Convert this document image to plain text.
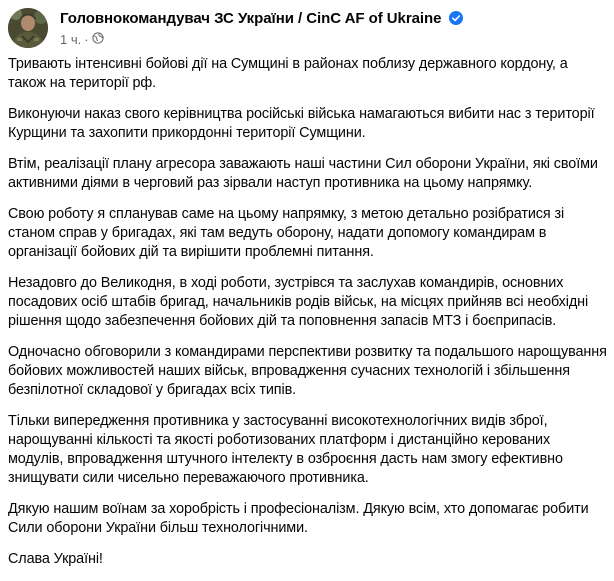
Головнокомандувач ЗС України / CinC AF of Ukraine
1 ч. ·

Тривають інтенсивні бойові дії на Сумщині в районах поблизу державного кордону, а також на території рф.

Виконуючи наказ свого керівництва російські війська намагаються вибити нас з території Курщини та захопити прикордонні території Сумщини.

Втім, реалізації плану агресора заважають наші частини Сил оборони України, які своїми активними діями в черговий раз зірвали наступ противника на цьому напрямку.

Свою роботу я спланував саме на цьому напрямку, з метою детально розібратися зі станом справ у бригадах, які там ведуть оборону, надати допомогу командирам в організації бойових дій та вирішити проблемні питання.

Незадовго до Великодня, в ході роботи, зустрівся та заслухав командирів, основних посадових осіб штабів бригад, начальників родів військ, на місцях прийняв всі необхідні рішення щодо забезпечення бойових дій та поповнення запасів МТЗ і боєприпасів.

Одночасно обговорили з командирами перспективи розвитку та подальшого нарощування бойових можливостей наших військ, впровадження сучасних технологій і збільшення безпілотної складової у бригадах всіх типів.

Тільки випередження противника у застосуванні високотехнологічних видів зброї, нарощуванні кількості та якості роботизованих платформ і дистанційно керованих модулів, впровадження штучного інтелекту в озброєння дасть нам змогу ефективно знищувати сили чисельно переважаючого противника.

Дякую нашим воїнам за хоробрість і професіоналізм. Дякую всім, хто допомагає робити Сили оборони України більш технологічними.

Слава Україні!
